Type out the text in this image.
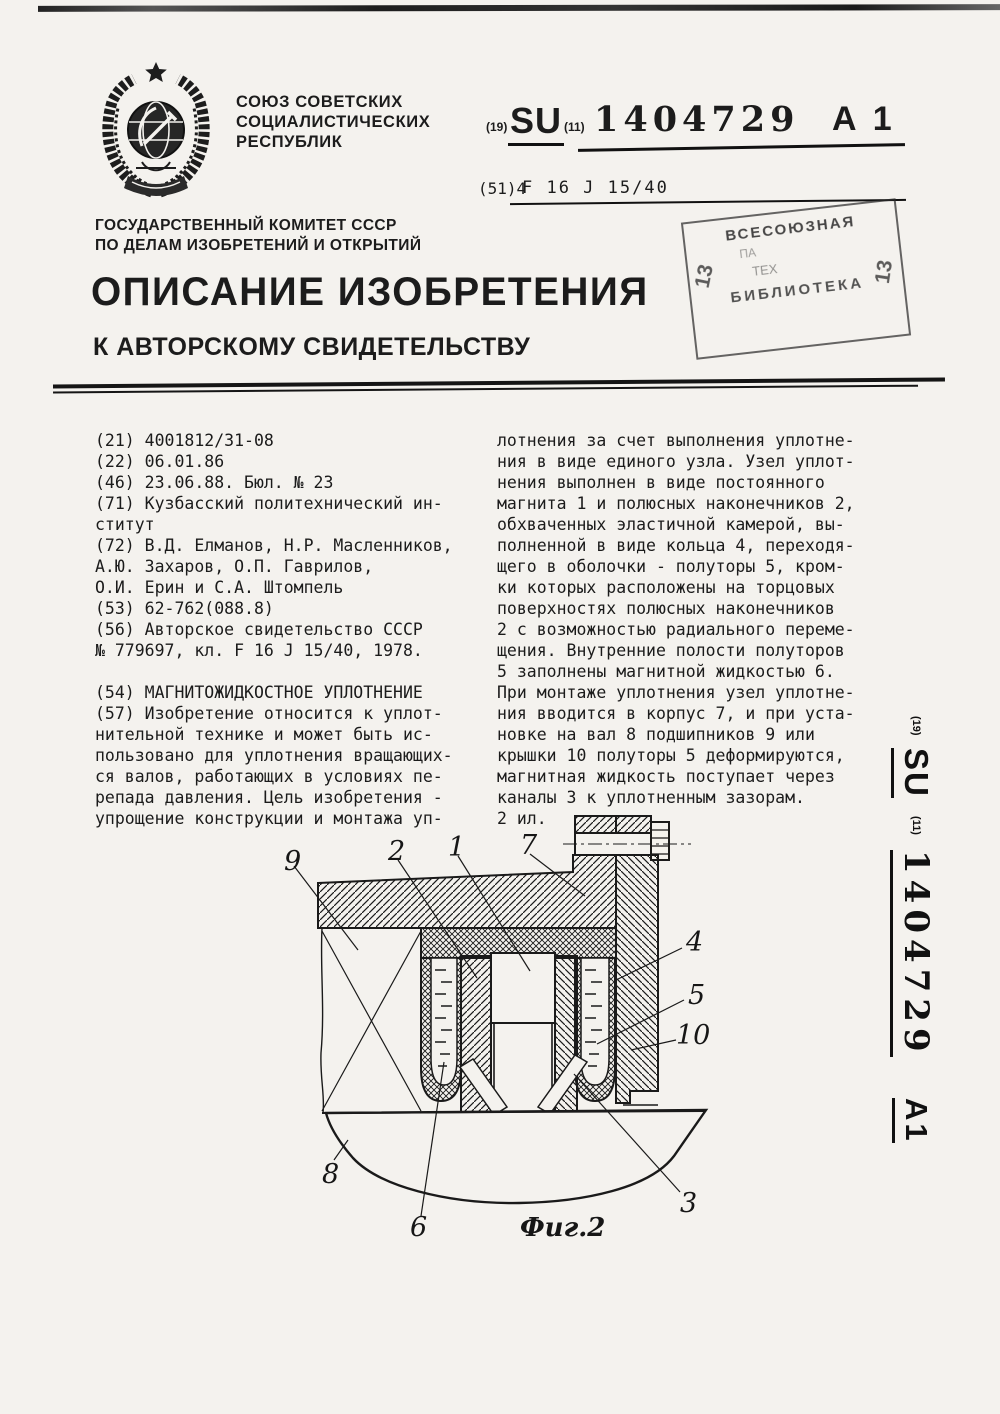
СОЮЗ СОВЕТСКИХ
СОЦИАЛИСТИЧЕСКИХ
РЕСПУБЛИК
(19) SU (11) 1404729 A 1
(51)4
F 16 J 15/40
ГОСУДАРСТВЕННЫЙ КОМИТЕТ СССР
ПО ДЕЛАМ ИЗОБРЕТЕНИЙ И ОТКРЫТИЙ
ВСЕСОЮЗНАЯ
ПА
ТЕХ
БИБЛИОТЕКА
13	13
ОПИСАНИЕ ИЗОБРЕТЕНИЯ
К АВТОРСКОМУ СВИДЕТЕЛЬСТВУ
(21) 4001812/31-08
(22) 06.01.86
(46) 23.06.88. Бюл. № 23
(71) Кузбасский политехнический ин-
ститут
(72) В.Д. Елманов, Н.Р. Масленников,
А.Ю. Захаров, О.П. Гаврилов,
О.И. Ерин и С.А. Штомпель
(53) 62-762(088.8)
(56) Авторское свидетельство СССР
№ 779697, кл. F 16 J 15/40, 1978.
(54) МАГНИТОЖИДКОСТНОЕ УПЛОТНЕНИЕ
(57) Изобретение относится к уплот-
нительной технике и может быть ис-
пользовано для уплотнения вращающих-
ся валов, работающих в условиях пе-
репада давления. Цель изобретения -
упрощение конструкции и монтажа уп-
лотнения за счет выполнения уплотне-
ния в виде единого узла. Узел уплот-
нения выполнен в виде постоянного
магнита 1 и полюсных наконечников 2,
обхваченных эластичной камерой, вы-
полненной в виде кольца 4, переходя-
щего в оболочки - полуторы 5, кром-
ки которых расположены на торцовых
поверхностях полюсных наконечников
2 с возможностью радиального переме-
щения. Внутренние полости полуторов
5 заполнены магнитной жидкостью 6.
При монтаже уплотнения узел уплотне-
ния вводится в корпус 7, и при уста-
новке на вал 8 подшипников 9 или
крышки 10 полуторы 5 деформируются,
магнитная жидкость поступает через
каналы 3 к уплотненным зазорам.
2 ил.
9	2 1 7
4
5
10
8
6
3
Фиг.2
(19) SU (11) 1404729 A1
